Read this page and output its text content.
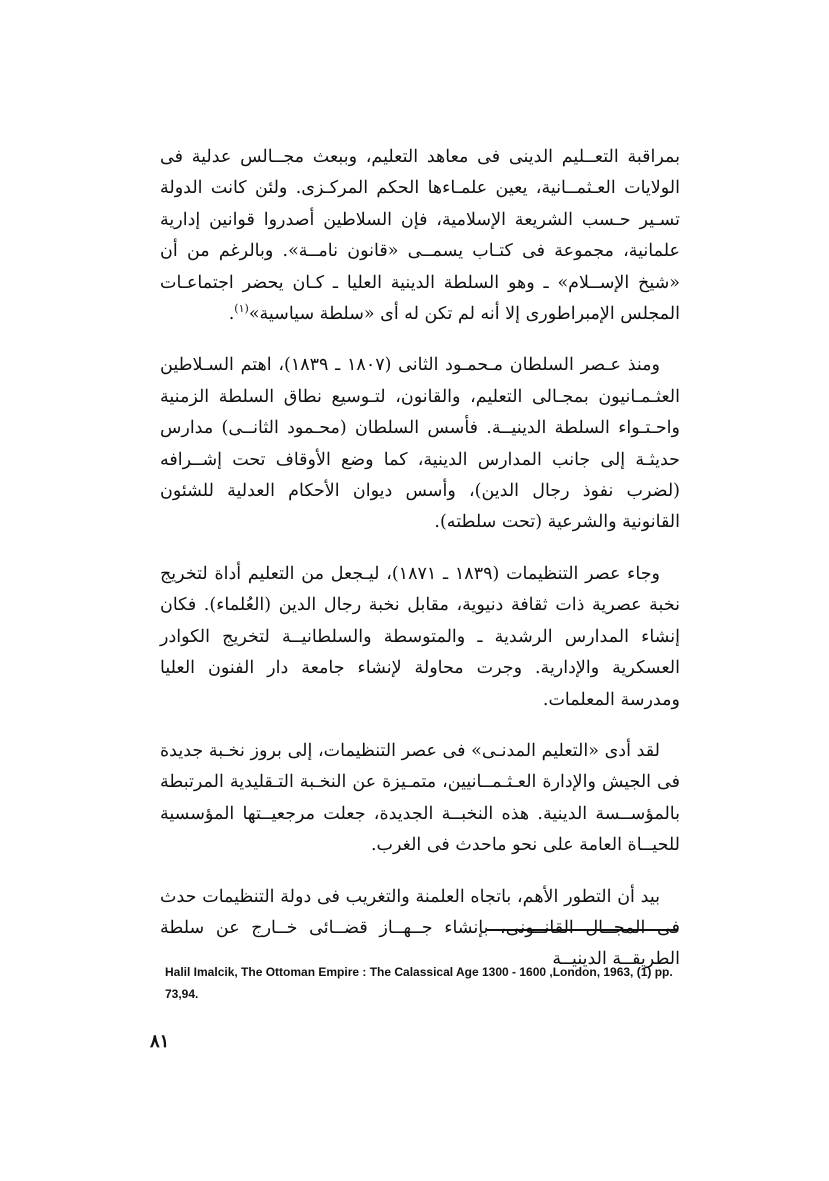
بمراقبة التعــليم الدينى فى معاهد التعليم، وببعث مجــالس عدلية فى الولايات العـثمــانية، يعين علمـاءها الحكم المركـزى. ولئن كانت الدولة تسـير حـسب الشريعة الإسلامية، فإن السلاطين أصدروا قوانين إدارية علمانية، مجموعة فى كتـاب يسمــى «قانون نامــة». وبالرغم من أن «شيخ الإســلام» ـ وهو السلطة الدينية العليا ـ كـان يحضر اجتماعـات المجلس الإمبراطورى إلا أنه لم تكن له أى «سلطة سياسية»$^{(١)}$.

ومنذ عـصر السلطان مـحمـود الثانى (١٨٠٧ ـ ١٨٣٩)، اهتم السـلاطين العثـمـانيون بمجـالى التعليم، والقانون، لتـوسيع نطاق السلطة الزمنية واحـتـواء السلطة الدينيــة. فأسس السلطان (محـمود الثانــى) مدارس حديثـة إلى جانب المدارس الدينية، كما وضع الأوقاف تحت إشــرافه (لضرب نفوذ رجال الدين)، وأسس ديوان الأحكام العدلية للشئون القانونية والشرعية (تحت سلطته).

وجاء عصر التنظيمات (١٨٣٩ ـ ١٨٧١)، ليـجعل من التعليم أداة لتخريج نخبة عصرية ذات ثقافة دنيوية، مقابل نخبة رجال الدين (العُلماء). فكان إنشاء المدارس الرشدية ـ والمتوسطة والسلطانيــة لتخريج الكوادر العسكرية والإدارية. وجرت محاولة لإنشاء جامعة دار الفنون العليا ومدرسة المعلمات.

لقد أدى «التعليم المدنـى» فى عصر التنظيمات، إلى بروز نخـبة جديدة فى الجيش والإدارة العـثـمــانيين، متمـيزة عن النخـبة التـقليدية المرتبطة بالمؤســسة الدينية. هذه النخبــة الجديدة، جعلت مرجعيــتها المؤسسية للحيــاة العامة على نحو ماحدث فى الغرب.

بيد أن التطور الأهم، باتجاه العلمنة والتغريب فى دولة التنظيمات حدث فى المجــال القانــونى، بإنشاء جــهــاز قضــائى خــارج عن سلطة الطريقــة الدينيــة

Halil Imalcik, The Ottoman Empire : The Calassical Age 1300 - 1600 ,London, 1963, (1) pp. 73,94.
٨١
